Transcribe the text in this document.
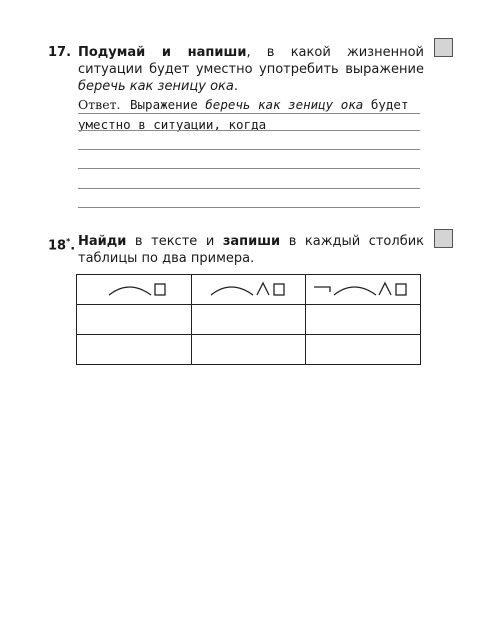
17. Подумай и напиши, в какой жизненной ситуации будет уместно употребить выражение беречь как зеницу ока.
Ответ. Выражение беречь как зеницу ока будет
уместно в ситуации, когда
18*. Найди в тексте и запиши в каждый столбик таблицы по два примера.
